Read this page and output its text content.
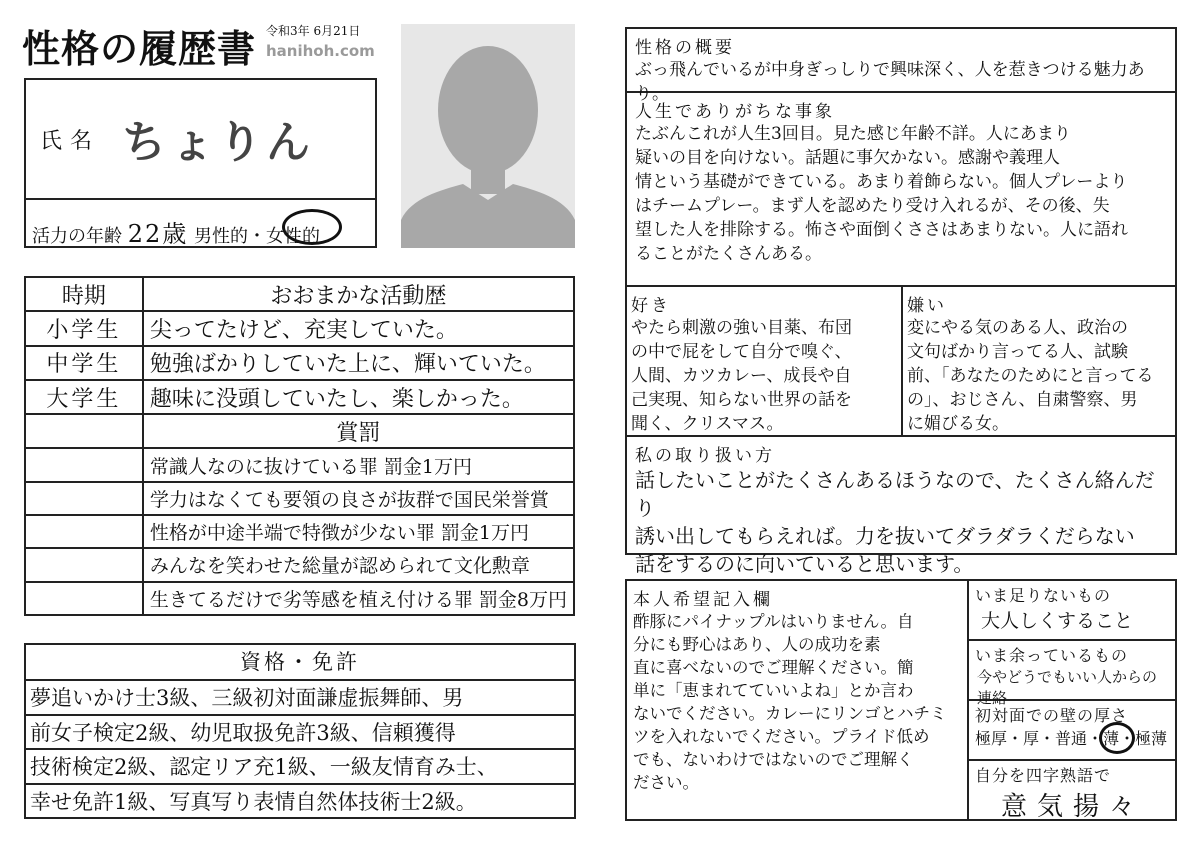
性格の履歴書 令和3年 6月21日
hanihoh.com
氏名 ちょりん
活力の年齢 22歳 男性的・女性的
時期	おおまかな活動歴
小学生	尖ってたけど、充実していた。
中学生	勉強ばかりしていた上に、輝いていた。
大学生	趣味に没頭していたし、楽しかった。
	賞罰
	常識人なのに抜けている罪 罰金1万円
	学力はなくても要領の良さが抜群で国民栄誉賞
	性格が中途半端で特徴が少ない罪 罰金1万円
	みんなを笑わせた総量が認められて文化勲章
	生きてるだけで劣等感を植え付ける罪 罰金8万円
資格・免許
夢追いかけ士3級、三級初対面謙虚振舞師、男
前女子検定2級、幼児取扱免許3級、信頼獲得
技術検定2級、認定リア充1級、一級友情育み士、
幸せ免許1級、写真写り表情自然体技術士2級。
性格の概要
ぶっ飛んでいるが中身ぎっしりで興味深く、人を惹きつける魅力あり。
人生でありがちな事象
たぶんこれが人生3回目。見た感じ年齢不詳。人にあまり
疑いの目を向けない。話題に事欠かない。感謝や義理人
情という基礎ができている。あまり着飾らない。個人プレーより
はチームプレー。まず人を認めたり受け入れるが、その後、失
望した人を排除する。怖さや面倒くささはあまりない。人に語れ
ることがたくさんある。
好き
やたら刺激の強い目薬、布団
の中で屁をして自分で嗅ぐ、
人間、カツカレー、成長や自
己実現、知らない世界の話を
聞く、クリスマス。
嫌い
変にやる気のある人、政治の
文句ばかり言ってる人、試験
前、「あなたのためにと言ってる
の」、おじさん、自粛警察、男
に媚びる女。
私の取り扱い方
話したいことがたくさんあるほうなので、たくさん絡んだり
誘い出してもらえれば。力を抜いてダラダラくだらない
話をするのに向いていると思います。
本人希望記入欄
酢豚にパイナップルはいりません。自
分にも野心はあり、人の成功を素
直に喜べないのでご理解ください。簡
単に「恵まれてていいよね」とか言わ
ないでください。カレーにリンゴとハチミ
ツを入れないでください。プライド低め
でも、ないわけではないのでご理解く
ださい。
いま足りないもの
大人しくすること
いま余っているもの
今やどうでもいい人からの連絡
初対面での壁の厚さ
極厚・厚・普通・薄・極薄
自分を四字熟語で
意気揚々
